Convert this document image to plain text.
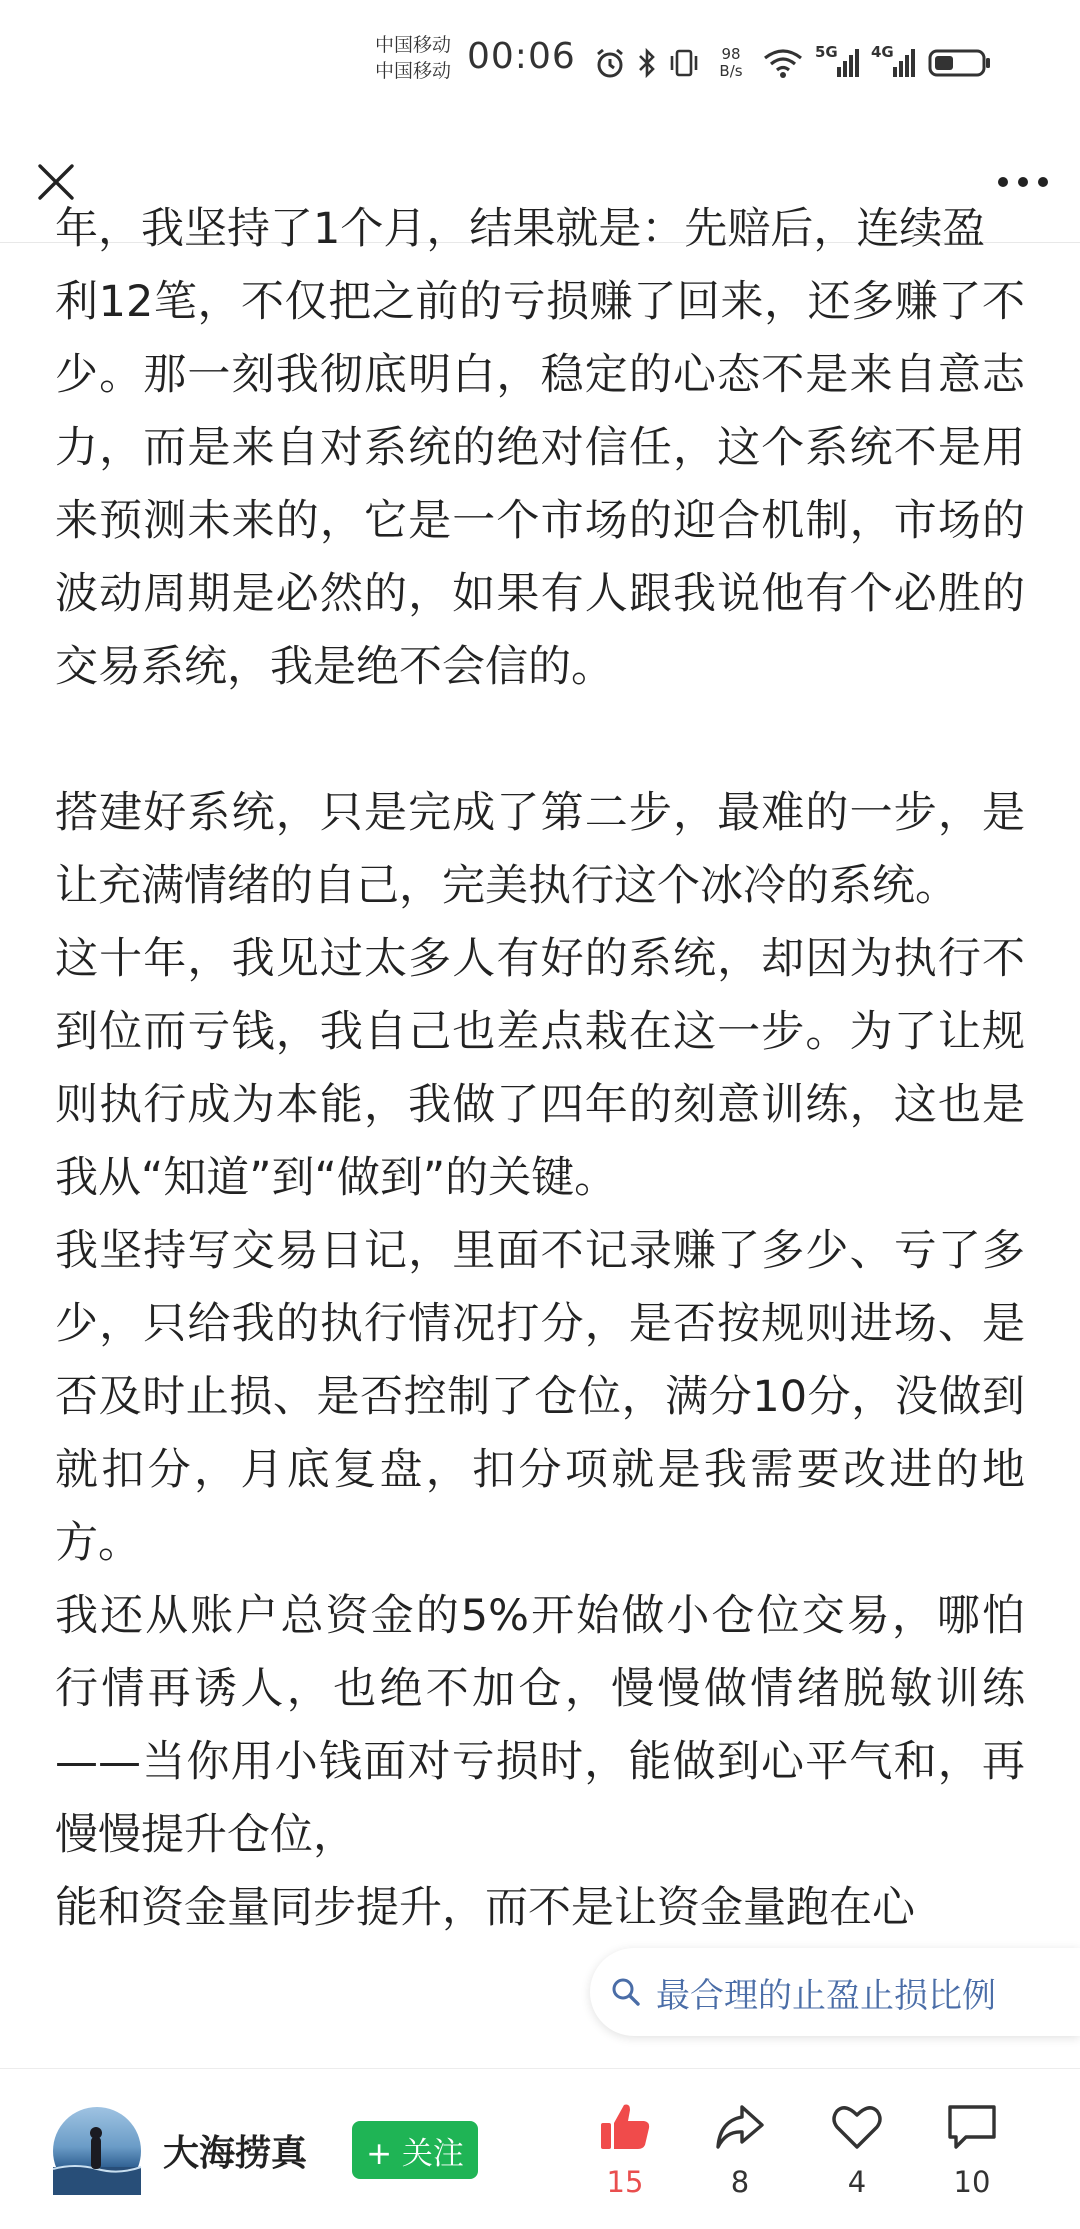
中国移动
中国移动 00:06	98
B/s
5G 4G

年，我坚持了1个月，结果就是：先赔后，连续盈

利12笔，不仅把之前的亏损赚了回来，还多赚了不少。那一刻我彻底明白，稳定的心态不是来自意志力，而是来自对系统的绝对信任，这个系统不是用来预测未来的，它是一个市场的迎合机制，市场的波动周期是必然的，如果有人跟我说他有个必胜的交易系统，我是绝不会信的。

搭建好系统，只是完成了第二步，最难的一步，是让充满情绪的自己，完美执行这个冰冷的系统。

这十年，我见过太多人有好的系统，却因为执行不到位而亏钱，我自己也差点栽在这一步。为了让规则执行成为本能，我做了四年的刻意训练，这也是我从“知道”到“做到”的关键。

我坚持写交易日记，里面不记录赚了多少、亏了多少，只给我的执行情况打分，是否按规则进场、是否及时止损、是否控制了仓位，满分10分，没做到就扣分，月底复盘，扣分项就是我需要改进的地方。

我还从账户总资金的5%开始做小仓位交易，哪怕行情再诱人，也绝不加仓，慢慢做情绪脱敏训练——当你用小钱面对亏损时，能做到心平气和，再慢慢提升仓位，

能和资金量同步提升，而不是让资金量跑在心

最合理的止盈止损比例
大海捞真	+ 关注
15	8	4	10
